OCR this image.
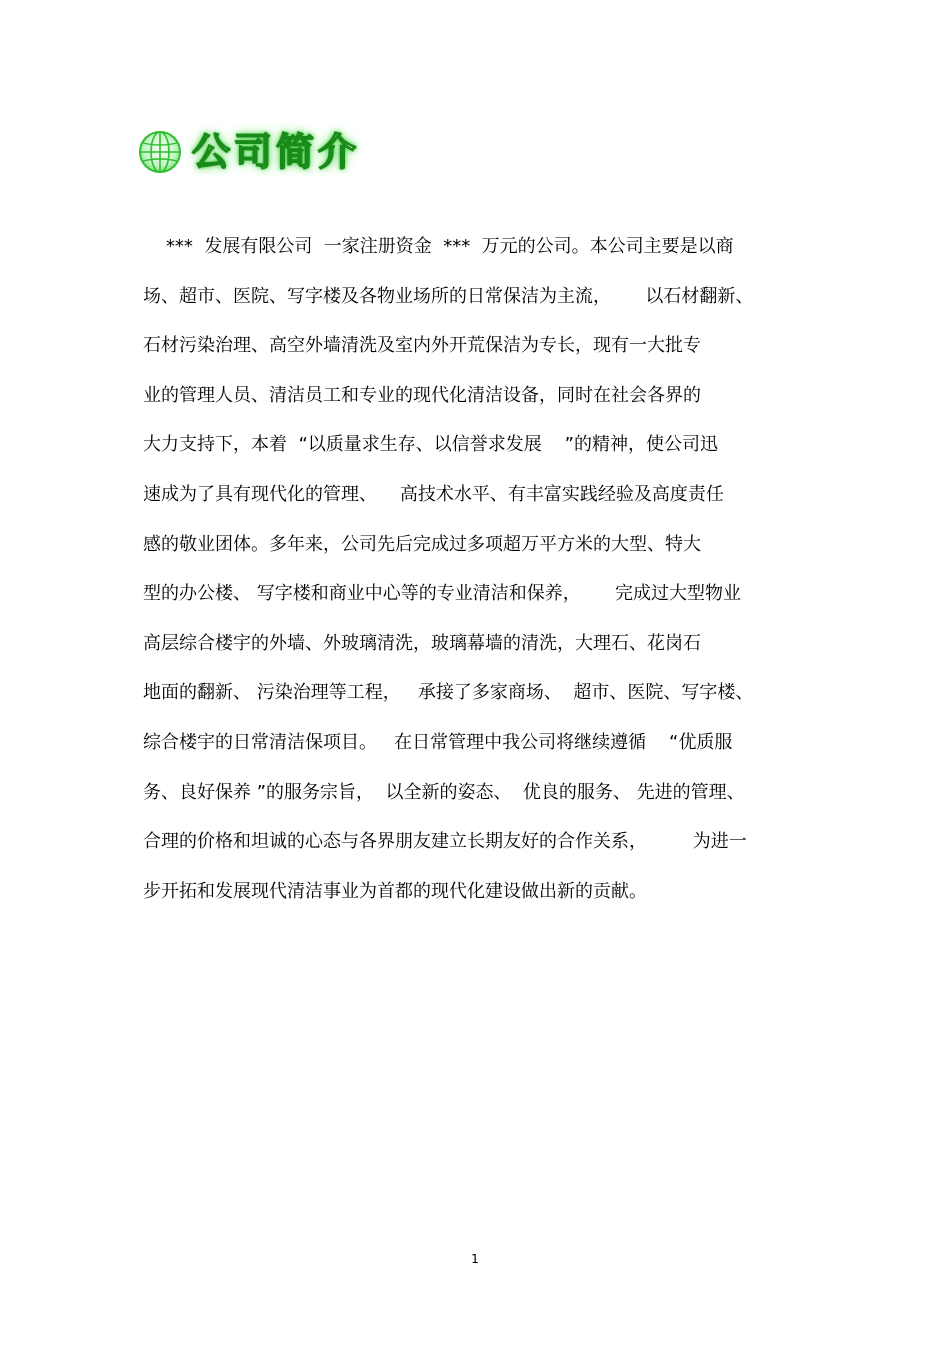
公司简介
***  发展有限公司  一家注册资金  ***  万元的公司。本公司主要是以商
场、超市、医院、写字楼及各物业场所的日常保洁为主流，      以石材翻新、
石材污染治理、高空外墙清洗及室内外开荒保洁为专长，现有一大批专
业的管理人员、清洁员工和专业的现代化清洁设备，同时在社会各界的
大力支持下，本着  “以质量求生存、以信誉求发展    ”的精神，使公司迅
速成为了具有现代化的管理、    高技术水平、有丰富实践经验及高度责任
感的敬业团体。多年来，公司先后完成过多项超万平方米的大型、特大
型的办公楼、 写字楼和商业中心等的专业清洁和保养，      完成过大型物业
高层综合楼宇的外墙、外玻璃清洗，玻璃幕墙的清洗，大理石、花岗石
地面的翻新、 污染治理等工程，   承接了多家商场、  超市、医院、写字楼、
综合楼宇的日常清洁保项目。   在日常管理中我公司将继续遵循    “优质服
务、良好保养 ”的服务宗旨，  以全新的姿态、  优良的服务、 先进的管理、
合理的价格和坦诚的心态与各界朋友建立长期友好的合作关系，        为进一
步开拓和发展现代清洁事业为首都的现代化建设做出新的贡献。
1
